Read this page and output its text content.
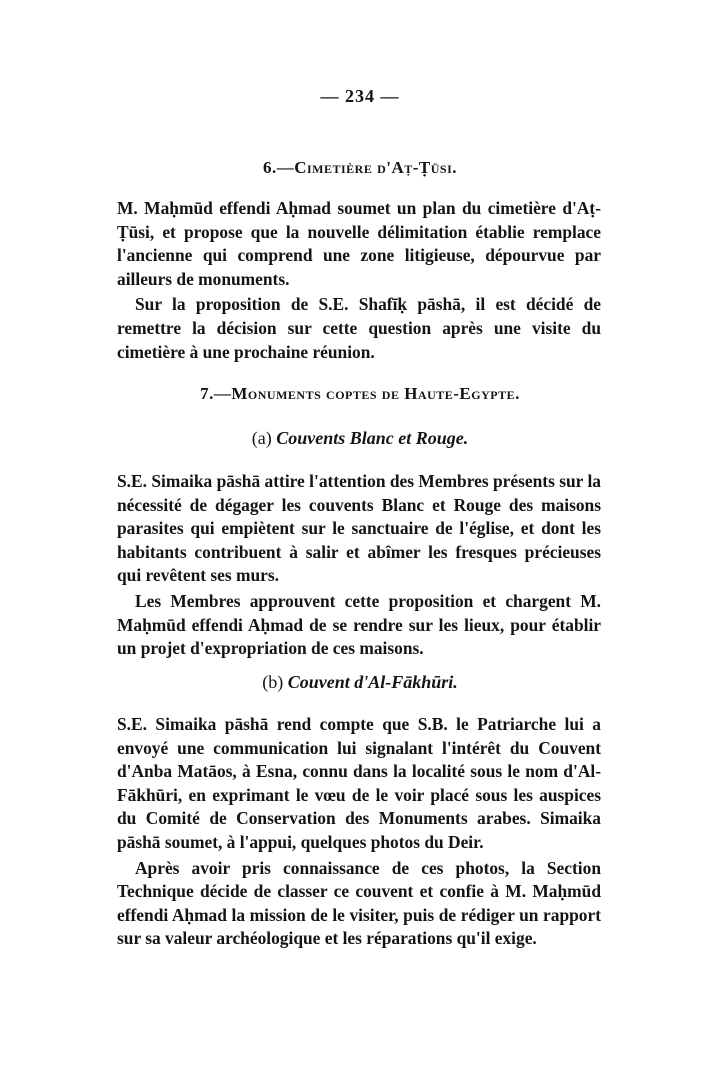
— 234 —
6.—Cimetière d'Aṭ-Ṭūsi.

M. Maḥmūd effendi Aḥmad soumet un plan du cimetière d'Aṭ-Ṭūsi, et propose que la nouvelle délimitation établie remplace l'ancienne qui comprend une zone litigieuse, dépourvue par ailleurs de monuments.

Sur la proposition de S.E. Shafīḳ pāshā, il est décidé de remettre la décision sur cette question après une visite du cimetière à une prochaine réunion.

7.—Monuments coptes de Haute-Egypte.
(a) Couvents Blanc et Rouge.

S.E. Simaika pāshā attire l'attention des Membres présents sur la nécessité de dégager les couvents Blanc et Rouge des maisons parasites qui empiètent sur le sanctuaire de l'église, et dont les habitants contribuent à salir et abîmer les fresques précieuses qui revêtent ses murs.

Les Membres approuvent cette proposition et chargent M. Maḥmūd effendi Aḥmad de se rendre sur les lieux, pour établir un projet d'expropriation de ces maisons.

(b) Couvent d'Al-Fākhūri.

S.E. Simaika pāshā rend compte que S.B. le Patriarche lui a envoyé une communication lui signalant l'intérêt du Couvent d'Anba Matāos, à Esna, connu dans la localité sous le nom d'Al-Fākhūri, en exprimant le vœu de le voir placé sous les auspices du Comité de Conservation des Monuments arabes. Simaika pāshā soumet, à l'appui, quelques photos du Deir.

Après avoir pris connaissance de ces photos, la Section Technique décide de classer ce couvent et confie à M. Maḥmūd effendi Aḥmad la mission de le visiter, puis de rédiger un rapport sur sa valeur archéologique et les réparations qu'il exige.
